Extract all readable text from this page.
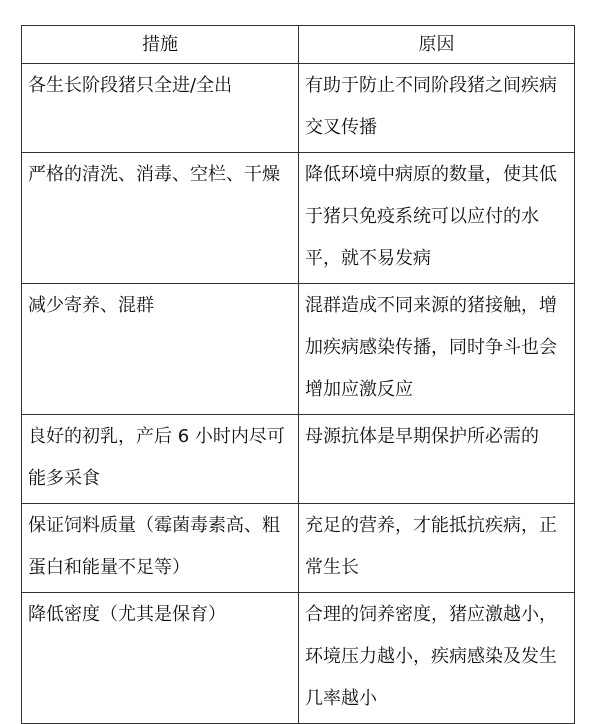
措施	原因
各生长阶段猪只全进/全出	有助于防止不同阶段猪之间疾病交叉传播
严格的清洗、消毒、空栏、干燥	降低环境中病原的数量，使其低于猪只免疫系统可以应付的水平，就不易发病
减少寄养、混群	混群造成不同来源的猪接触，增加疾病感染传播，同时争斗也会增加应激反应
良好的初乳，产后 6 小时内尽可能多采食	母源抗体是早期保护所必需的
保证饲料质量（霉菌毒素高、粗蛋白和能量不足等）	充足的营养，才能抵抗疾病，正常生长
降低密度（尤其是保育）	合理的饲养密度，猪应激越小，环境压力越小，疾病感染及发生几率越小
